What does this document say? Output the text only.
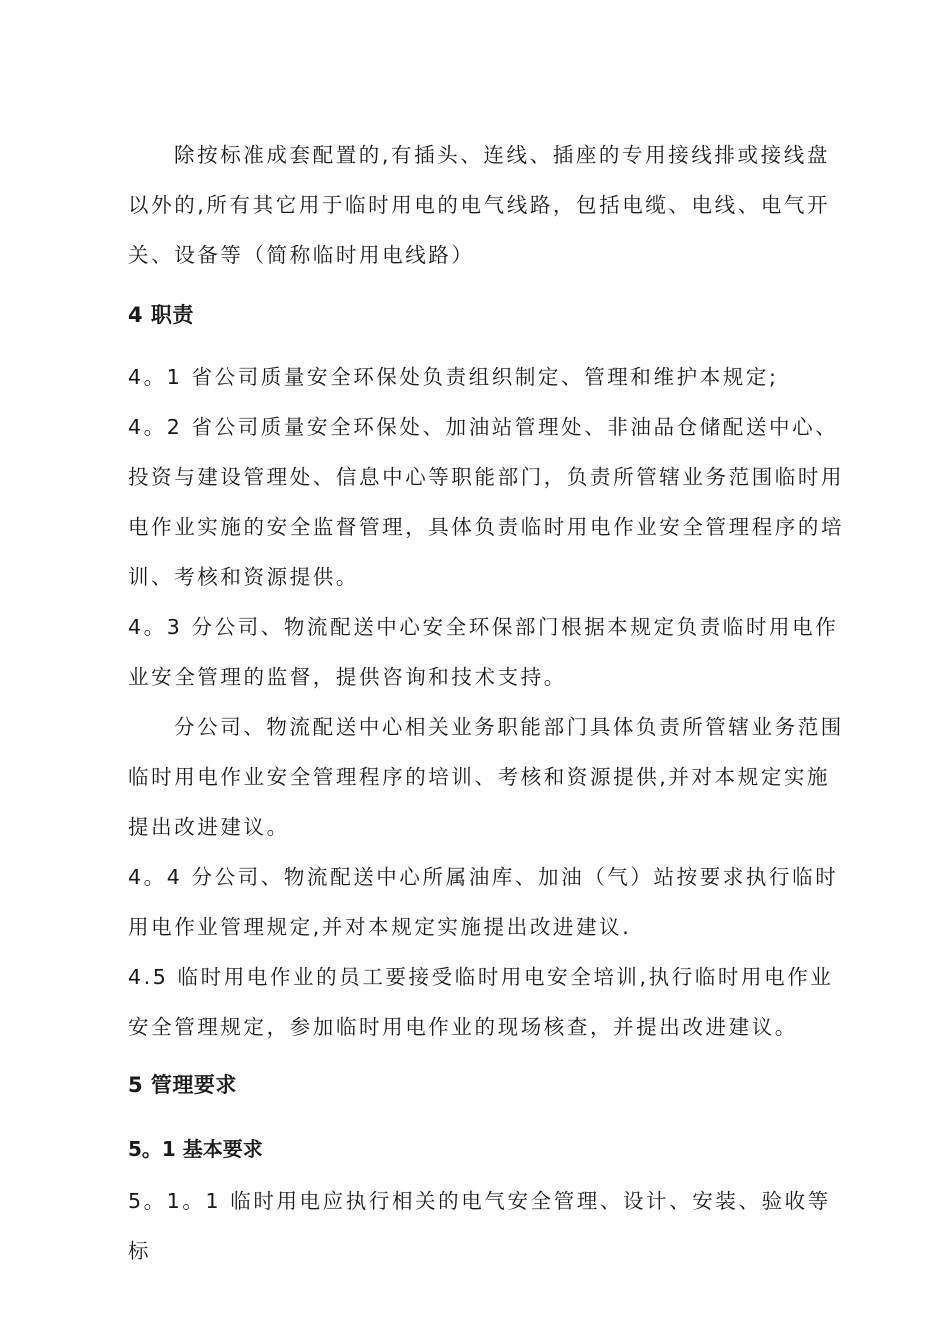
除按标准成套配置的,有插头、连线、插座的专用接线排或接线盘以外的,所有其它用于临时用电的电气线路，包括电缆、电线、电气开关、设备等（简称临时用电线路）

4 职责

4。1 省公司质量安全环保处负责组织制定、管理和维护本规定;

4。2 省公司质量安全环保处、加油站管理处、非油品仓储配送中心、投资与建设管理处、信息中心等职能部门，负责所管辖业务范围临时用电作业实施的安全监督管理，具体负责临时用电作业安全管理程序的培训、考核和资源提供。

4。3 分公司、物流配送中心安全环保部门根据本规定负责临时用电作业安全管理的监督，提供咨询和技术支持。

分公司、物流配送中心相关业务职能部门具体负责所管辖业务范围临时用电作业安全管理程序的培训、考核和资源提供,并对本规定实施提出改进建议。

4。4 分公司、物流配送中心所属油库、加油（气）站按要求执行临时用电作业管理规定,并对本规定实施提出改进建议.

4.5 临时用电作业的员工要接受临时用电安全培训,执行临时用电作业安全管理规定，参加临时用电作业的现场核查，并提出改进建议。

5 管理要求
5。1 基本要求

5。1。1 临时用电应执行相关的电气安全管理、设计、安装、验收等标
